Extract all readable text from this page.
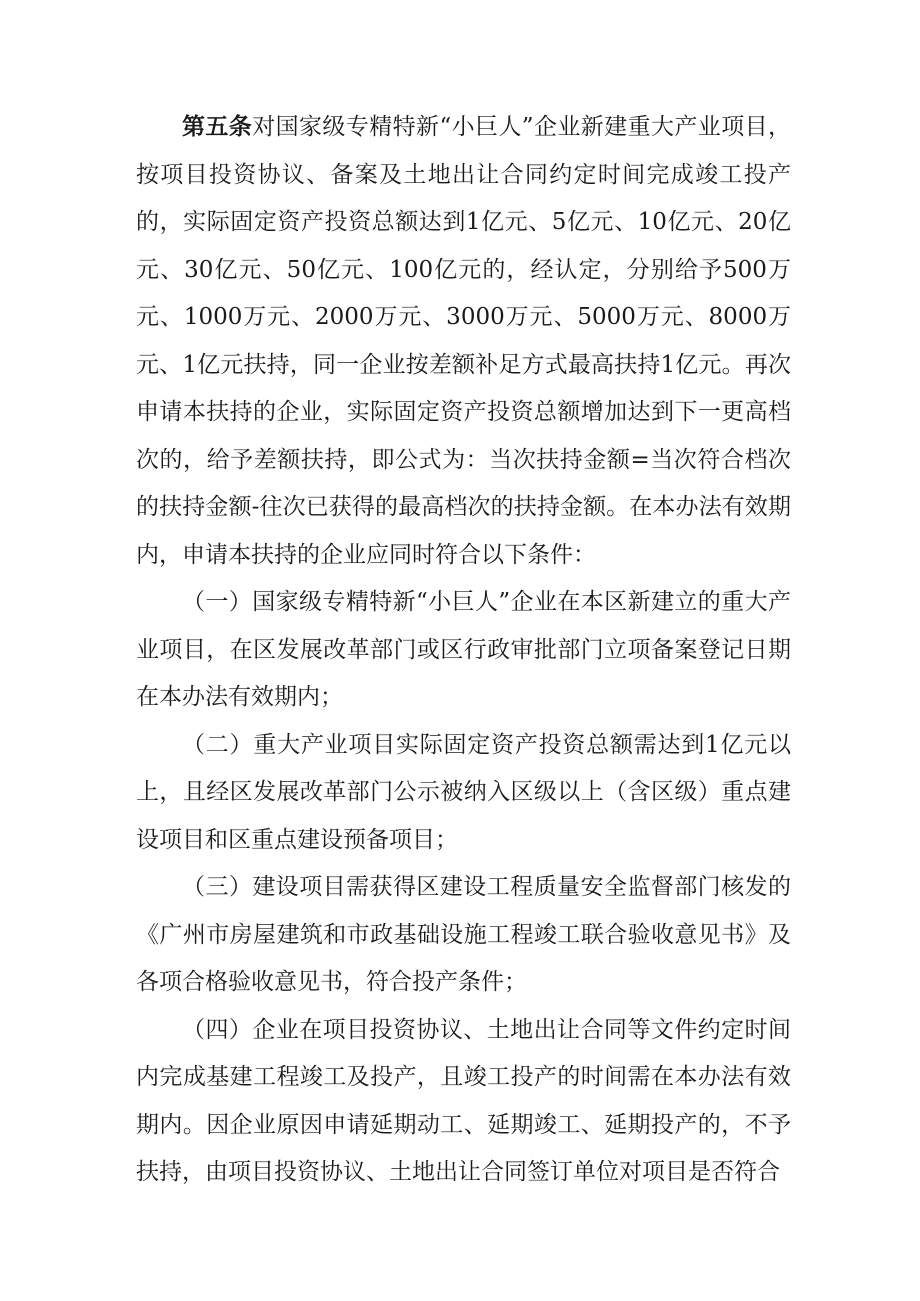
第五条对国家级专精特新“小巨人”企业新建重大产业项目，按项目投资协议、备案及土地出让合同约定时间完成竣工投产的，实际固定资产投资总额达到1亿元、5亿元、10亿元、20亿元、30亿元、50亿元、100亿元的，经认定，分别给予500万元、1000万元、2000万元、3000万元、5000万元、8000万元、1亿元扶持，同一企业按差额补足方式最高扶持1亿元。再次申请本扶持的企业，实际固定资产投资总额增加达到下一更高档次的，给予差额扶持，即公式为：当次扶持金额=当次符合档次的扶持金额-往次已获得的最高档次的扶持金额。在本办法有效期内，申请本扶持的企业应同时符合以下条件：

（一）国家级专精特新“小巨人”企业在本区新建立的重大产业项目，在区发展改革部门或区行政审批部门立项备案登记日期在本办法有效期内；

（二）重大产业项目实际固定资产投资总额需达到1亿元以上，且经区发展改革部门公示被纳入区级以上（含区级）重点建设项目和区重点建设预备项目；

（三）建设项目需获得区建设工程质量安全监督部门核发的《广州市房屋建筑和市政基础设施工程竣工联合验收意见书》及各项合格验收意见书，符合投产条件；

（四）企业在项目投资协议、土地出让合同等文件约定时间内完成基建工程竣工及投产，且竣工投产的时间需在本办法有效期内。因企业原因申请延期动工、延期竣工、延期投产的，不予扶持，由项目投资协议、土地出让合同签订单位对项目是否符合
